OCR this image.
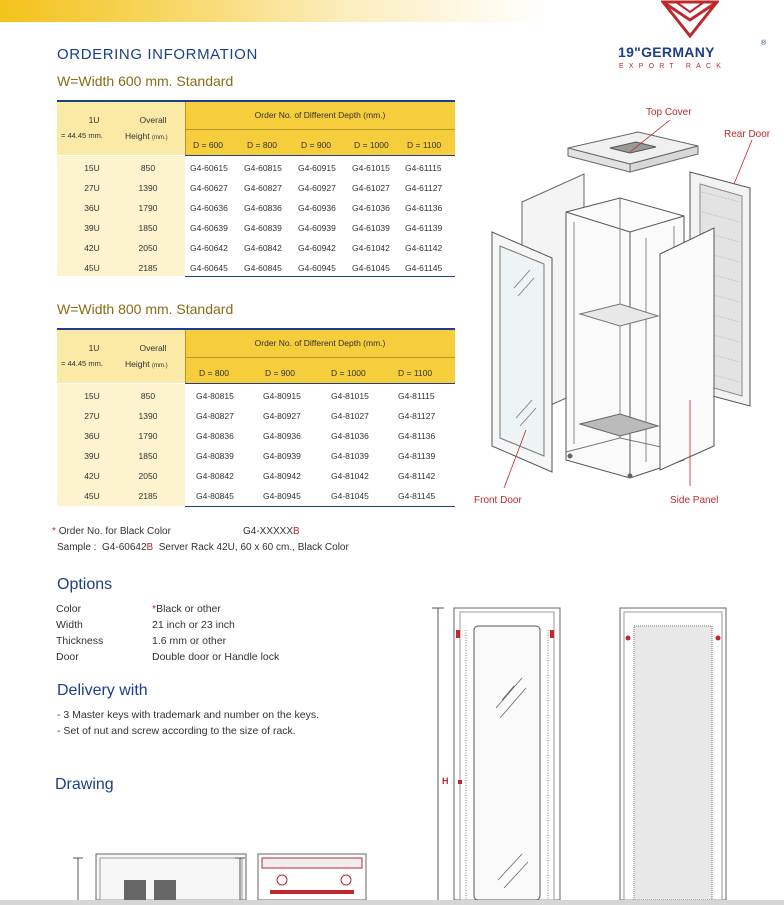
19"GERMANY
®
EXPORT RACK
ORDERING INFORMATION
W=Width 600 mm. Standard
1U
= 44.45 mm.
Overall
Height (mm.)
Order No. of Different Depth (mm.)
D = 600	D = 800	D = 900	D = 1000 D = 1100
15U	850	G4-60615 G4-60815 G4-60915 G4-61015 G4-61115
27U	1390	G4-60627 G4-60827 G4-60927 G4-61027 G4-61127
36U	1790	G4-60636 G4-60836 G4-60936 G4-61036 G4-61136
39U	1850	G4-60639 G4-60839 G4-60939 G4-61039 G4-61139
42U	2050	G4-60642 G4-60842 G4-60942 G4-61042 G4-61142
45U	2185	G4-60645 G4-60845 G4-60945 G4-61045 G4-61145
W=Width 800 mm. Standard
1U
= 44.45 mm.
Overall
Height (mm.)
Order No. of Different Depth (mm.)
D = 800	D = 900	D = 1000	D = 1100
15U	850	G4-80815	G4-80915	G4-81015	G4-81115
27U	1390	G4-80827	G4-80927	G4-81027	G4-81127
36U	1790	G4-80836	G4-80936	G4-81036	G4-81136
39U	1850	G4-80839	G4-80939	G4-81039	G4-81139
42U	2050	G4-80842	G4-80942	G4-81042	G4-81142
45U	2185	G4-80845	G4-80945	G4-81045	G4-81145
* Order No. for Black Color	G4-XXXXXB
Sample : G4-60642B Server Rack 42U, 60 x 60 cm., Black Color
Options
Color	*Black or other
Width	21 inch or 23 inch
Thickness	1.6 mm or other
Door	Double door or Handle lock
Delivery with
- 3 Master keys with trademark and number on the keys.
- Set of nut and screw according to the size of rack.
Drawing
Top Cover
Rear Door
Front Door	Side Panel
H
